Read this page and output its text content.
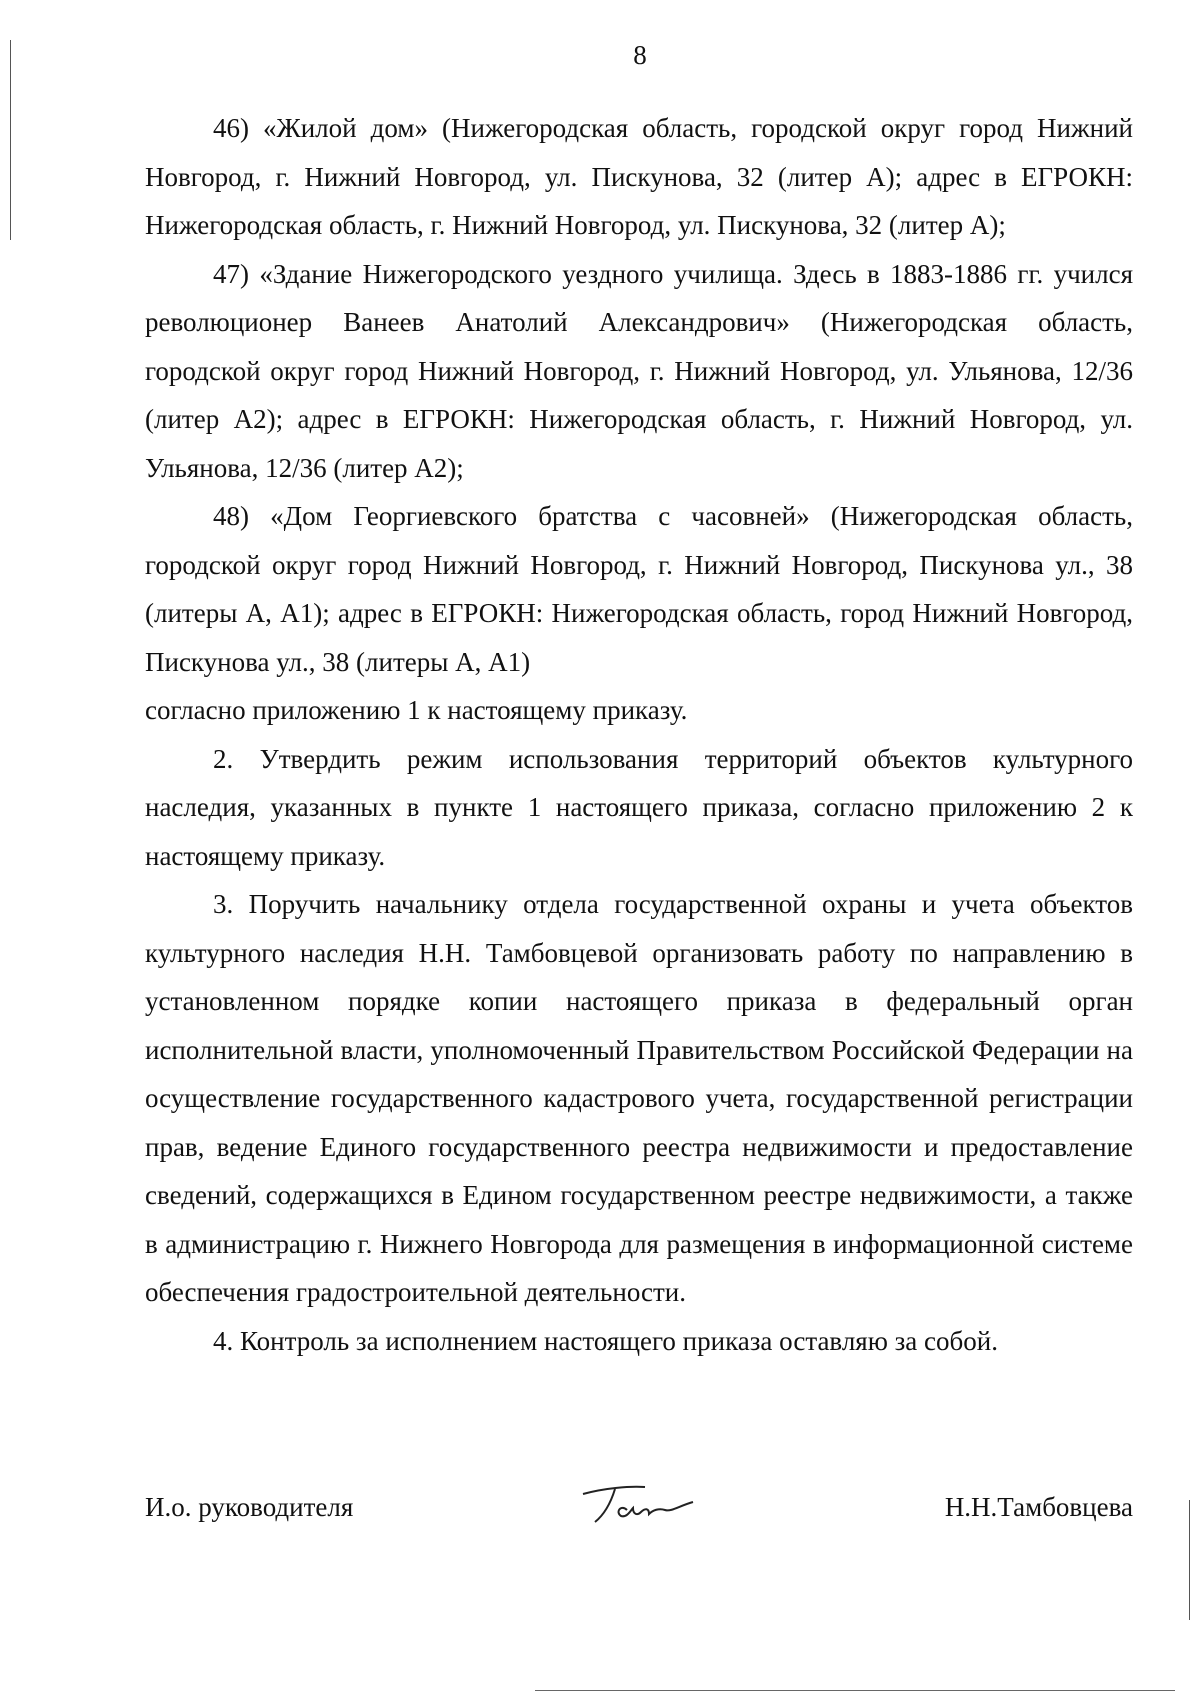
8

46) «Жилой дом» (Нижегородская область, городской округ город Нижний Новгород, г. Нижний Новгород, ул. Пискунова, 32 (литер А); адрес в ЕГРОКН: Нижегородская область, г. Нижний Новгород, ул. Пискунова, 32 (литер А);

47) «Здание Нижегородского уездного училища. Здесь в 1883-1886 гг. учился революционер Ванеев Анатолий Александрович» (Нижегородская область, городской округ город Нижний Новгород, г. Нижний Новгород, ул. Ульянова, 12/36 (литер А2); адрес в ЕГРОКН: Нижегородская область, г. Нижний Новгород, ул. Ульянова, 12/36 (литер А2);

48) «Дом Георгиевского братства с часовней» (Нижегородская область, городской округ город Нижний Новгород, г. Нижний Новгород, Пискунова ул., 38 (литеры А, А1); адрес в ЕГРОКН: Нижегородская область, город Нижний Новгород, Пискунова ул., 38 (литеры А, А1)

согласно приложению 1 к настоящему приказу.

2. Утвердить режим использования территорий объектов культурного наследия, указанных в пункте 1 настоящего приказа, согласно приложению 2 к настоящему приказу.

3. Поручить начальнику отдела государственной охраны и учета объектов культурного наследия Н.Н. Тамбовцевой организовать работу по направлению в установленном порядке копии настоящего приказа в федеральный орган исполнительной власти, уполномоченный Правительством Российской Федерации на осуществление государственного кадастрового учета, государственной регистрации прав, ведение Единого государственного реестра недвижимости и предоставление сведений, содержащихся в Едином государственном реестре недвижимости, а также в администрацию г. Нижнего Новгорода для размещения в информационной системе обеспечения градостроительной деятельности.

4. Контроль за исполнением настоящего приказа оставляю за собой.

И.о. руководителя	Н.Н.Тамбовцева
